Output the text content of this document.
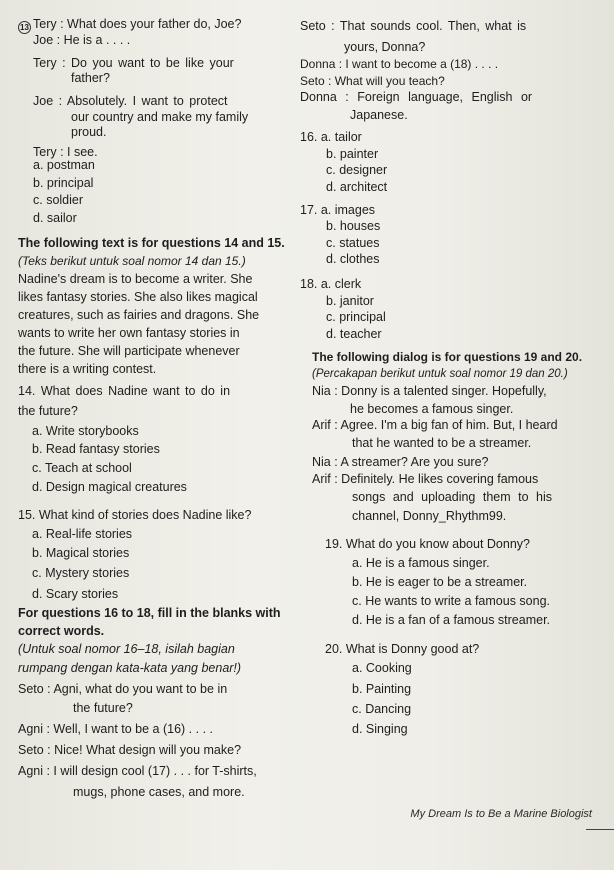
13 Tery : What does your father do, Joe?
Joe : He is a . . . .
Tery : Do you want to be like your
father?
Joe : Absolutely. I want to protect
our country and make my family
proud.
Tery : I see.
a. postman
b. principal
c. soldier
d. sailor
The following text is for questions 14 and 15.
(Teks berikut untuk soal nomor 14 dan 15.)
Nadine's dream is to become a writer. She
likes fantasy stories. She also likes magical
creatures, such as fairies and dragons. She
wants to write her own fantasy stories in
the future. She will participate whenever
there is a writing contest.
14. What does Nadine want to do in
the future?
a. Write storybooks
b. Read fantasy stories
c. Teach at school
d. Design magical creatures
15. What kind of stories does Nadine like?
a. Real-life stories
b. Magical stories
c. Mystery stories
d. Scary stories
For questions 16 to 18, fill in the blanks with
correct words.
(Untuk soal nomor 16–18, isilah bagian
rumpang dengan kata-kata yang benar!)
Seto : Agni, what do you want to be in
the future?
Agni : Well, I want to be a (16) . . . .
Seto : Nice! What design will you make?
Agni : I will design cool (17) . . . for T-shirts,
mugs, phone cases, and more.
Seto : That sounds cool. Then, what is
yours, Donna?
Donna : I want to become a (18) . . . .
Seto : What will you teach?
Donna : Foreign language, English or
Japanese.
16. a. tailor
b. painter
c. designer
d. architect
17. a. images
b. houses
c. statues
d. clothes
18. a. clerk
b. janitor
c. principal
d. teacher
The following dialog is for questions 19 and 20.
(Percakapan berikut untuk soal nomor 19 dan 20.)
Nia : Donny is a talented singer. Hopefully,
he becomes a famous singer.
Arif : Agree. I'm a big fan of him. But, I heard
that he wanted to be a streamer.
Nia : A streamer? Are you sure?
Arif : Definitely. He likes covering famous
songs and uploading them to his
channel, Donny_Rhythm99.
19. What do you know about Donny?
a. He is a famous singer.
b. He is eager to be a streamer.
c. He wants to write a famous song.
d. He is a fan of a famous streamer.
20. What is Donny good at?
a. Cooking
b. Painting
c. Dancing
d. Singing
My Dream Is to Be a Marine Biologist
